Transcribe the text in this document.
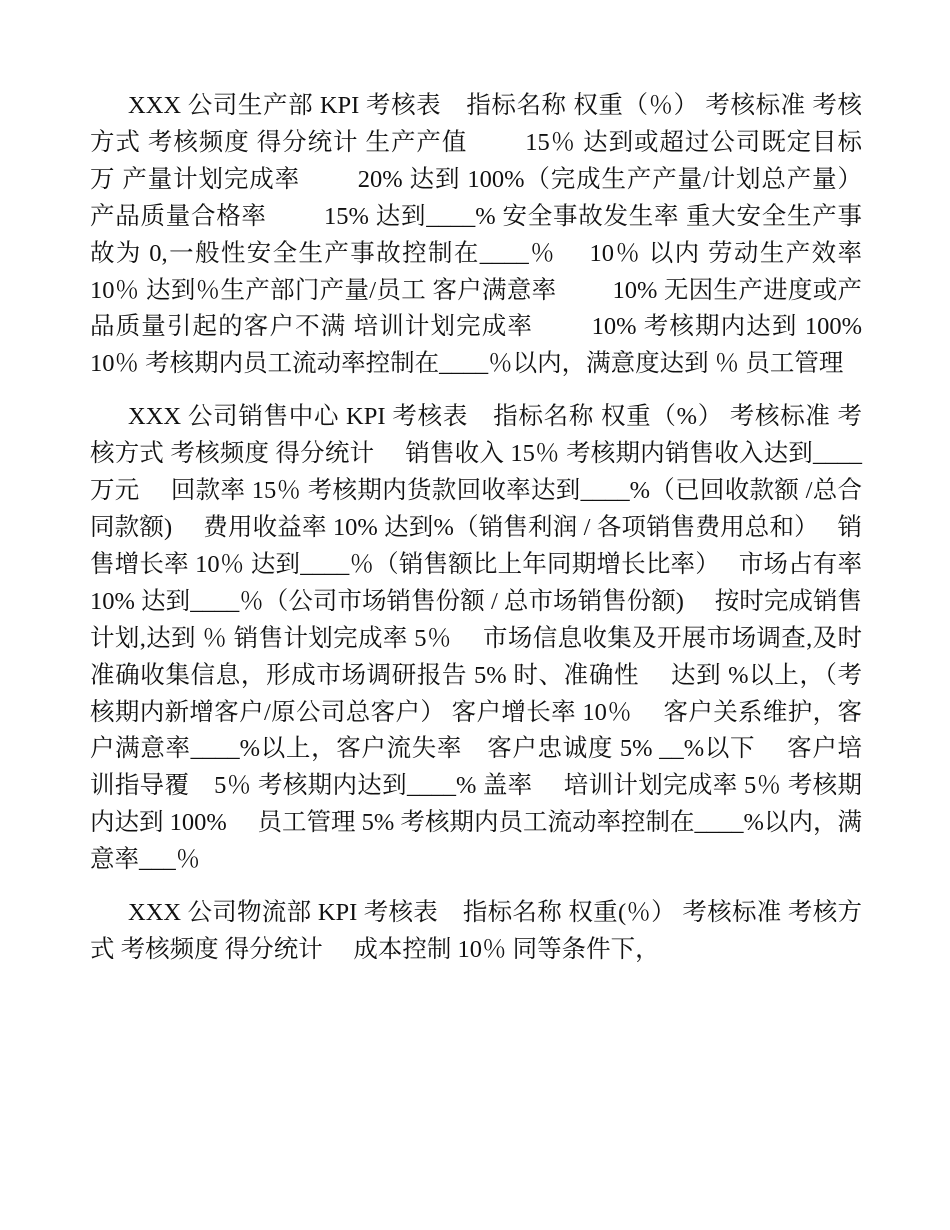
XXX 公司生产部 KPI 考核表　指标名称 权重（％） 考核标准 考核方式 考核频度 得分统计 生产产值　　 15％ 达到或超过公司既定目标　 万 产量计划完成率　　 20% 达到 100%（完成生产产量/计划总产量） 产品质量合格率　　 15% 达到____% 安全事故发生率 重大安全生产事故为 0,一般性安全生产事故控制在____％　 10％ 以内 劳动生产效率　　 10％ 达到％生产部门产量/员工 客户满意率　　 10% 无因生产进度或产品质量引起的客户不满 培训计划完成率　　 10% 考核期内达到 100%　　 10％ 考核期内员工流动率控制在____％以内，满意度达到 ％ 员工管理

XXX 公司销售中心 KPI 考核表　指标名称 权重（%） 考核标准 考核方式 考核频度 得分统计　 销售收入 15％ 考核期内销售收入达到____万元　 回款率 15％ 考核期内货款回收率达到____%（已回收款额 /总合同款额)　 费用收益率 10% 达到%（销售利润 / 各项销售费用总和）　 销售增长率 10％ 达到____％（销售额比上年同期增长比率）　 市场占有率 10% 达到____％（公司市场销售份额 / 总市场销售份额)　 按时完成销售计划,达到 ％ 销售计划完成率 5％　 市场信息收集及开展市场调查,及时准确收集信息，形成市场调研报告 5% 时、准确性　 达到 %以上，（考核期内新增客户/原公司总客户） 客户增长率 10％　 客户关系维护，客户满意率____%以上，客户流失率　客户忠诚度 5% __%以下　 客户培训指导覆　5％ 考核期内达到____% 盖率　 培训计划完成率 5％ 考核期内达到 100%　 员工管理 5% 考核期内员工流动率控制在____%以内，满意率___％

XXX 公司物流部 KPI 考核表　指标名称 权重(％） 考核标准 考核方式 考核频度 得分统计　 成本控制 10％ 同等条件下，
